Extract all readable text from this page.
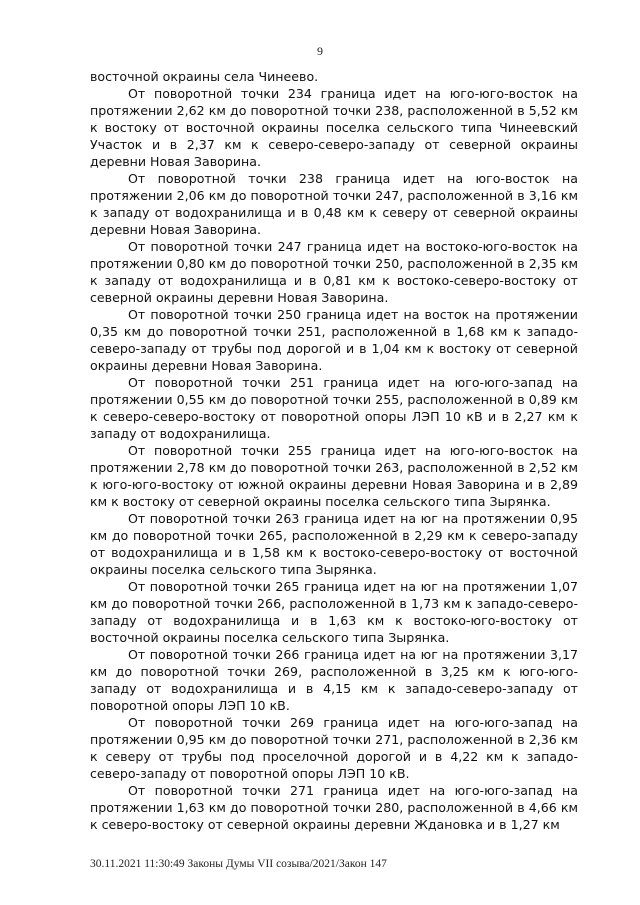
9

восточной окраины села Чинеево.

От поворотной точки 234 граница идет на юго-юго-восток на протяжении 2,62 км до поворотной точки 238, расположенной в 5,52 км к востоку от восточной окраины поселка сельского типа Чинеевский Участок и в 2,37 км к северо-северо-западу от северной окраины деревни Новая Заворина.

От поворотной точки 238 граница идет на юго-восток на протяжении 2,06 км до поворотной точки 247, расположенной в 3,16 км к западу от водохранилища и в 0,48 км к северу от северной окраины деревни Новая Заворина.

От поворотной точки 247 граница идет на востоко-юго-восток на протяжении 0,80 км до поворотной точки 250, расположенной в 2,35 км к западу от водохранилища и в 0,81 км к востоко-северо-востоку от северной окраины деревни Новая Заворина.

От поворотной точки 250 граница идет на восток на протяжении 0,35 км до поворотной точки 251, расположенной в 1,68 км к западо-северо-западу от трубы под дорогой и в 1,04 км к востоку от северной окраины деревни Новая Заворина.

От поворотной точки 251 граница идет на юго-юго-запад на протяжении 0,55 км до поворотной точки 255, расположенной в 0,89 км к северо-северо-востоку от поворотной опоры ЛЭП 10 кВ и в 2,27 км к западу от водохранилища.

От поворотной точки 255 граница идет на юго-юго-восток на протяжении 2,78 км до поворотной точки 263, расположенной в 2,52 км к юго-юго-востоку от южной окраины деревни Новая Заворина и в 2,89 км к востоку от северной окраины поселка сельского типа Зырянка.

От поворотной точки 263 граница идет на юг на протяжении 0,95 км до поворотной точки 265, расположенной в 2,29 км к северо-западу от водохранилища и в 1,58 км к востоко-северо-востоку от восточной окраины поселка сельского типа Зырянка.

От поворотной точки 265 граница идет на юг на протяжении 1,07 км до поворотной точки 266, расположенной в 1,73 км к западо-северо-западу от водохранилища и в 1,63 км к востоко-юго-востоку от восточной окраины поселка сельского типа Зырянка.

От поворотной точки 266 граница идет на юг на протяжении 3,17 км до поворотной точки 269, расположенной в 3,25 км к юго-юго-западу от водохранилища и в 4,15 км к западо-северо-западу от поворотной опоры ЛЭП 10 кВ.

От поворотной точки 269 граница идет на юго-юго-запад на протяжении 0,95 км до поворотной точки 271, расположенной в 2,36 км к северу от трубы под проселочной дорогой и в 4,22 км к западо-северо-западу от поворотной опоры ЛЭП 10 кВ.

От поворотной точки 271 граница идет на юго-юго-запад на протяжении 1,63 км до поворотной точки 280, расположенной в 4,66 км к северо-востоку от северной окраины деревни Ждановка и в 1,27 км

30.11.2021 11:30:49 Законы Думы VII созыва/2021/Закон 147
